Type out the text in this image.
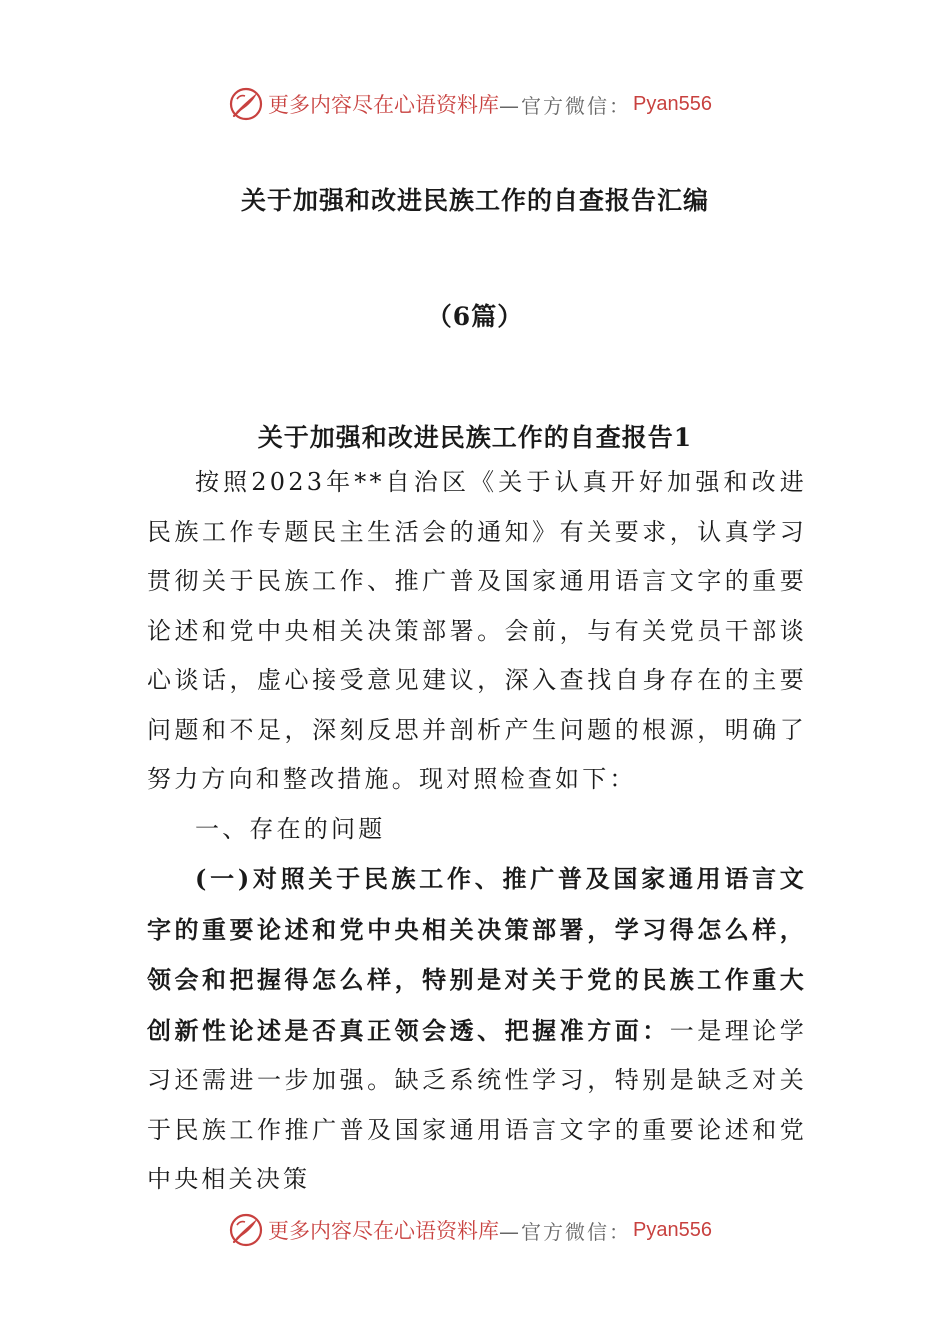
更多内容尽在心语资料库 —官方微信： Pyan556
关于加强和改进民族工作的自查报告汇编
（6篇）
关于加强和改进民族工作的自查报告1

按照2023年**自治区《关于认真开好加强和改进民族工作专题民主生活会的通知》有关要求，认真学习贯彻关于民族工作、推广普及国家通用语言文字的重要论述和党中央相关决策部署。会前，与有关党员干部谈心谈话，虚心接受意见建议，深入查找自身存在的主要问题和不足，深刻反思并剖析产生问题的根源，明确了努力方向和整改措施。现对照检查如下：

一、存在的问题

(一)对照关于民族工作、推广普及国家通用语言文字的重要论述和党中央相关决策部署，学习得怎么样，领会和把握得怎么样，特别是对关于党的民族工作重大创新性论述是否真正领会透、把握准方面：一是理论学习还需进一步加强。缺乏系统性学习，特别是缺乏对关于民族工作推广普及国家通用语言文字的重要论述和党中央相关决策

更多内容尽在心语资料库 —官方微信： Pyan556
